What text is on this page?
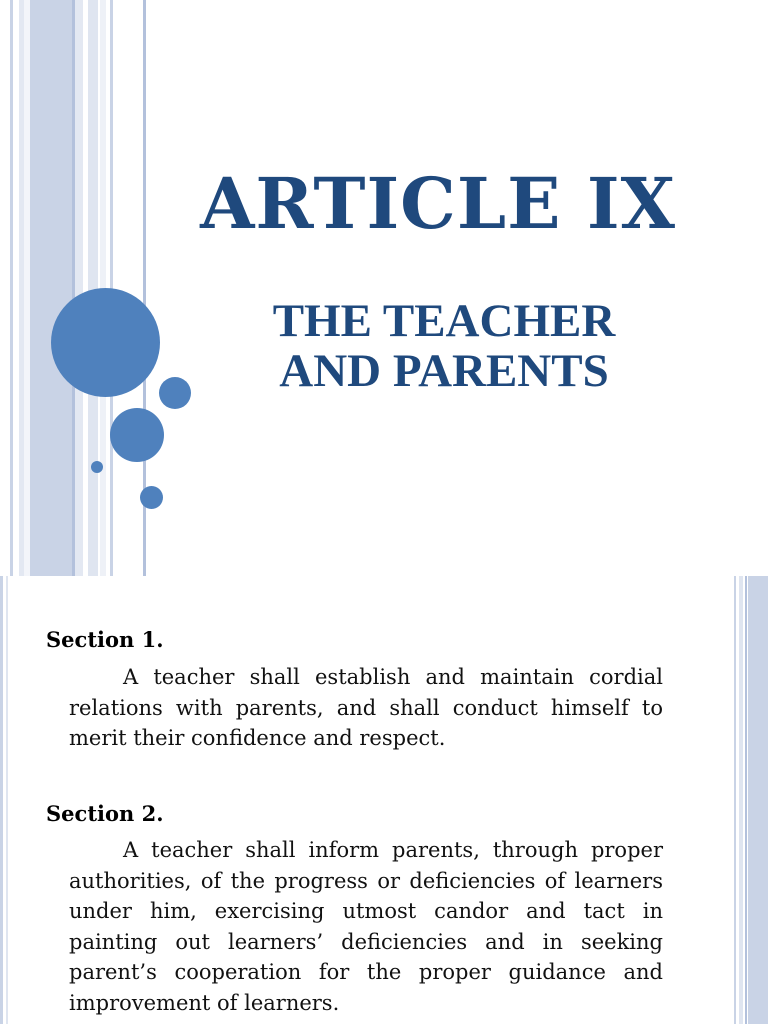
ARTICLE IX
THE TEACHER
AND PARENTS
Section 1.

A teacher shall establish and maintain cordial relations with parents, and shall conduct himself to merit their confidence and respect.

Section 2.

A teacher shall inform parents, through proper authorities, of the progress or deficiencies of learners under him, exercising utmost candor and tact in painting out learners’ deficiencies and in seeking parent’s cooperation for the proper guidance and improvement of learners.
